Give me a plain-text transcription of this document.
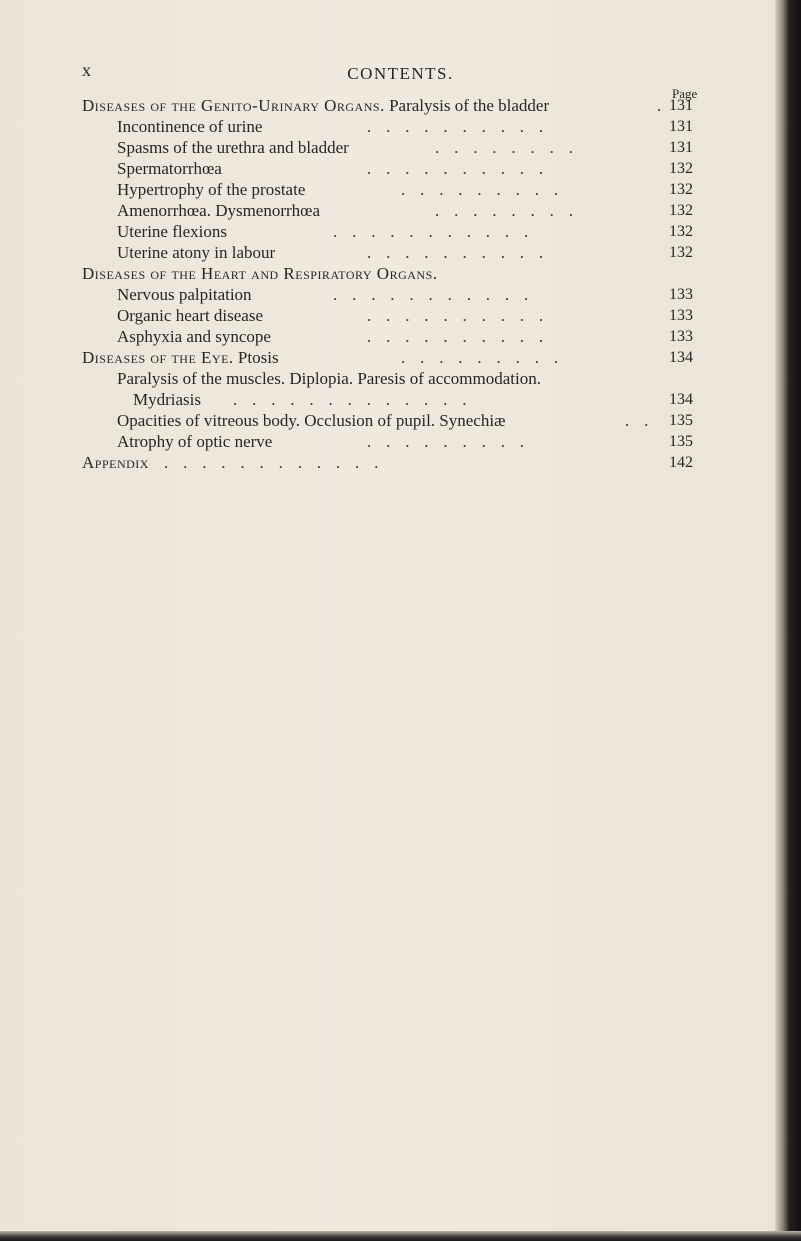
x	CONTENTS.

Page

Diseases of the Genito-Urinary Organs. Paralysis of the bladder	. 131
Incontinence of urine	. . . . . . . . . .	131
Spasms of the urethra and bladder	. . . . . . . .	131
Spermatorrhœa	. . . . . . . . . .	132
Hypertrophy of the prostate	. . . . . . . . .	132
Amenorrhœa. Dysmenorrhœa	. . . . . . . .	132
Uterine flexions	. . . . . . . . . . .	132
Uterine atony in labour	. . . . . . . . . .	132
Diseases of the Heart and Respiratory Organs.
Nervous palpitation	. . . . . . . . . . .	133
Organic heart disease	. . . . . . . . . .	133
Asphyxia and syncope	. . . . . . . . . .	133
Diseases of the Eye. Ptosis	. . . . . . . . .	134
Paralysis of the muscles. Diplopia. Paresis of accommodation.
Mydriasis . . . . . . . . . . . . .	134
Opacities of vitreous body. Occlusion of pupil. Synechiæ	. . 135
Atrophy of optic nerve	. . . . . . . . .	135
Appendix . . . . . . . . . . . .	142
